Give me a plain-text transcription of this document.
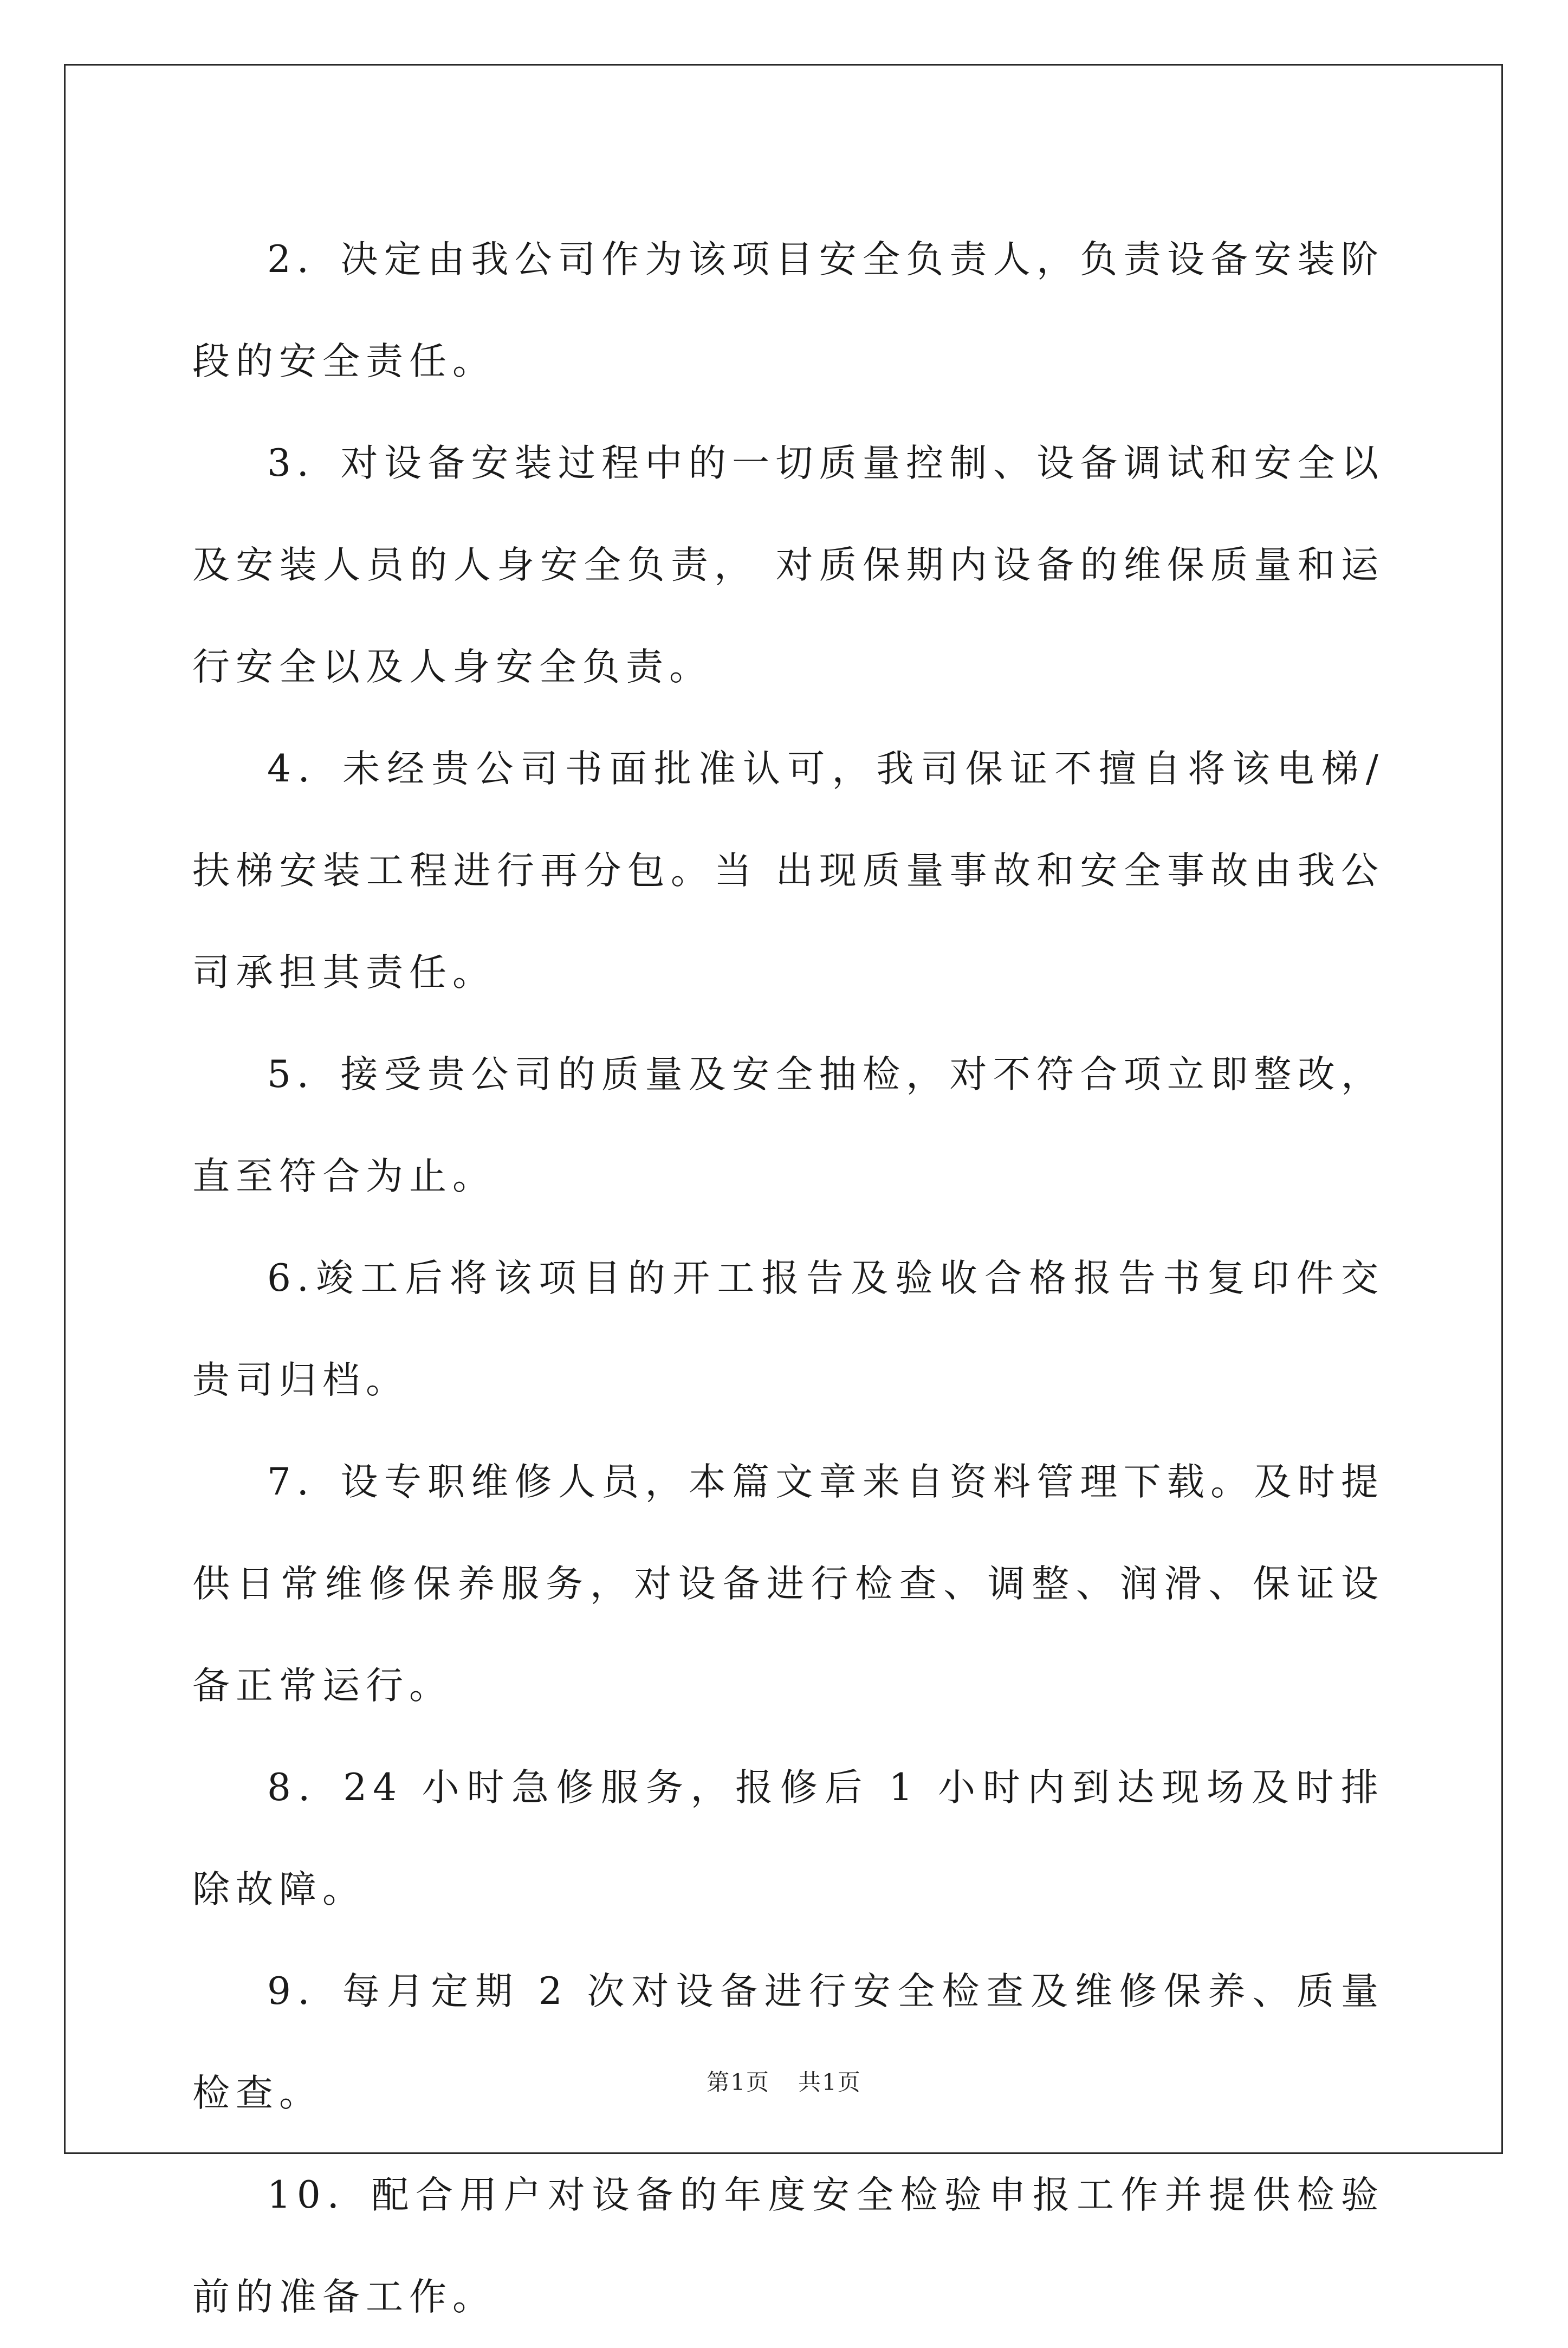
2．决定由我公司作为该项目安全负责人，负责设备安装阶段的安全责任。

3．对设备安装过程中的一切质量控制、设备调试和安全以及安装人员的人身安全负责， 对质保期内设备的维保质量和运行安全以及人身安全负责。

4．未经贵公司书面批准认可，我司保证不擅自将该电梯/扶梯安装工程进行再分包。当 出现质量事故和安全事故由我公司承担其责任。

5．接受贵公司的质量及安全抽检，对不符合项立即整改，直至符合为止。

6.竣工后将该项目的开工报告及验收合格报告书复印件交贵司归档。

7．设专职维修人员，本篇文章来自资料管理下载。及时提供日常维修保养服务，对设备进行检查、调整、润滑、保证设备正常运行。

8．24 小时急修服务，报修后 1 小时内到达现场及时排除故障。

9．每月定期 2 次对设备进行安全检查及维修保养、质量检查。

10．配合用户对设备的年度安全检验申报工作并提供检验前的准备工作。

第1页 共1页
